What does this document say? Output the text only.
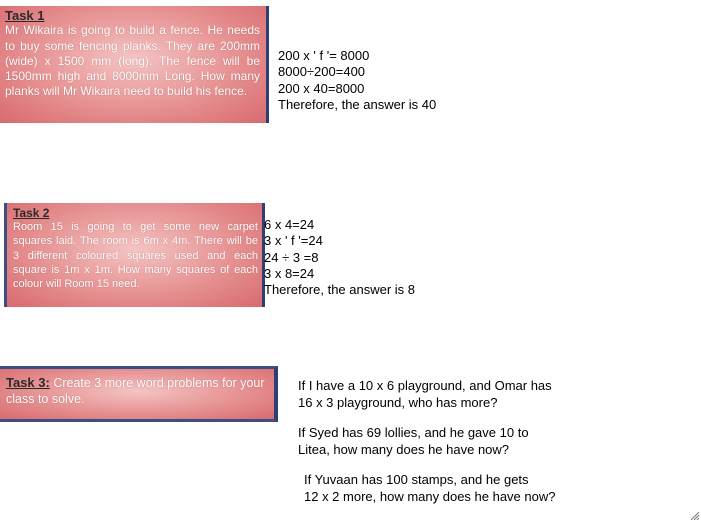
Task 1
Mr Wikaira is going to build a fence. He needs to buy some fencing planks. They are 200mm (wide) x 1500 mm (long). The fence will be 1500mm high and 8000mm Long. How many planks will Mr Wikaira need to build his fence.
200 x ' f '= 8000
8000÷200=400
200 x 40=8000
Therefore, the answer is 40
Task 2
Room 15 is going to get some new carpet squares laid. The room is 6m x 4m. There will be 3 different coloured squares used and each square is 1m x 1m. How many squares of each colour will Room 15 need.
6 x 4=24
3 x ' f '=24
24 ÷ 3 =8
3 x 8=24
Therefore, the answer is 8
Task 3: Create 3 more word problems for your class to solve.
If I have a 10 x 6 playground, and Omar has
16 x 3 playground, who has more?
If Syed has 69 lollies, and he gave 10 to
Litea, how many does he have now?
If Yuvaan has 100 stamps, and he gets
12 x 2 more, how many does he have now?
